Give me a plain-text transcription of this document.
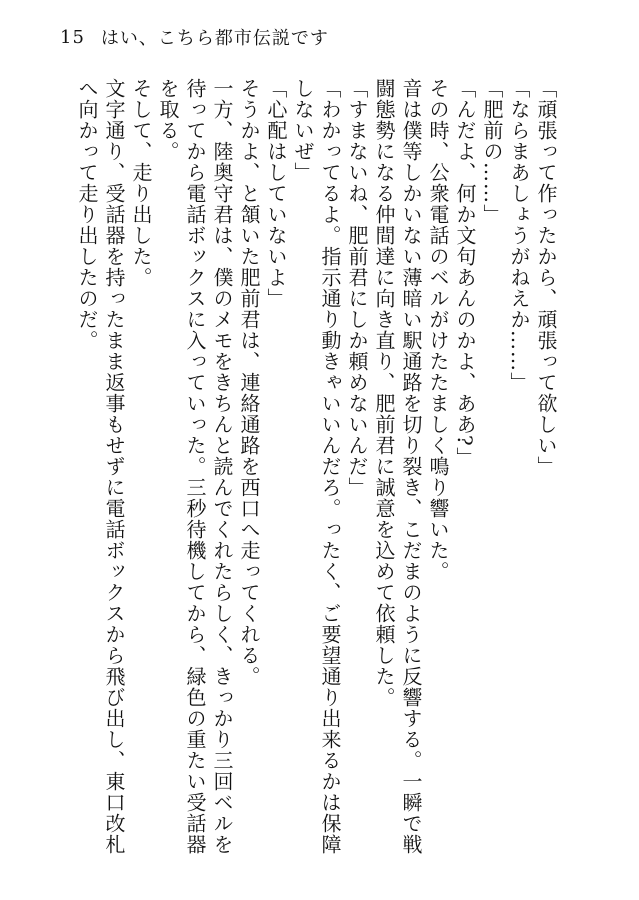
15 はい、こちら都市伝説です

「頑張って作ったから、頑張って欲しい」

「ならまあしょうがねえか……」

「肥前の……」

「んだよ、何か文句あんのかよ、ああ?」

その時、公衆電話のベルがけたたましく鳴り響いた。

音は僕等しかいない薄暗い駅通路を切り裂き、こだまのように反響する。一瞬で戦闘態勢になる仲間達に向き直り、肥前君に誠意を込めて依頼した。

「すまないね、肥前君にしか頼めないんだ」

「わかってるよ。指示通り動きゃいいんだろ。ったく、ご要望通り出来るかは保障しないぜ」

「心配はしていないよ」

そうかよ、と頷いた肥前君は、連絡通路を西口へ走ってくれる。

一方、陸奥守君は、僕のメモをきちんと読んでくれたらしく、きっかり三回ベルを待ってから電話ボックスに入っていった。三秒待機してから、緑色の重たい受話器を取る。

そして、走り出した。

文字通り、受話器を持ったまま返事もせずに電話ボックスから飛び出し、東口改札へ向かって走り出したのだ。
